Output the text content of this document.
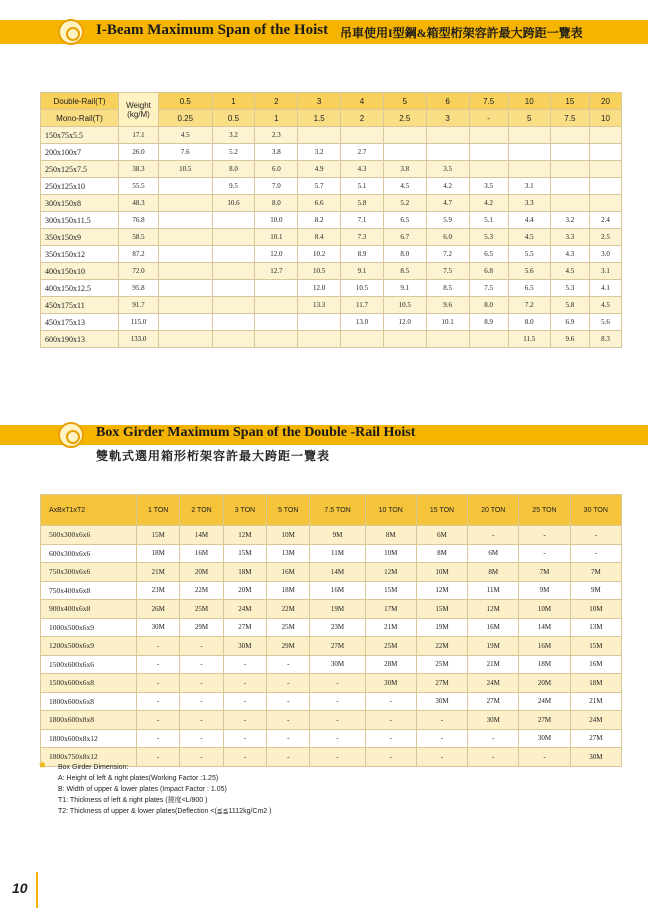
I-Beam Maximum Span of the Hoist 吊車使用I型鋼&箱型桁架容許最大跨距一覽表
Double-Rail(T)	Weight
(kg/M)	0.5	1	2	3	4	5	6	7.5	10	15	20
Mono-Rail(T)		0.25	0.5	1	1.5	2	2.5	3	-	5	7.5	10
150x75x5.5	17.1	4.5	3.2	2.3								
200x100x7	26.0	7.6	5.2	3.8	3.2	2.7						
250x125x7.5	38.3	10.5	8.0	6.0	4.9	4.3	3.8	3.5				
250x125x10	55.5		9.5	7.0	5.7	5.1	4.5	4.2	3.5	3.1		
300x150x8	48.3		10.6	8.0	6.6	5.8	5.2	4.7	4.2	3.3		
300x150x11.5	76.8			10.0	8.2	7.1	6.5	5.9	5.1	4.4	3.2	2.4
350x150x9	58.5			10.1	8.4	7.3	6.7	6.0	5.3	4.5	3.3	2.5
350x150x12	87.2			12.0	10.2	8.9	8.0	7.2	6.5	5.5	4.3	3.0
400x150x10	72.0			12.7	10.5	9.1	8.5	7.5	6.8	5.6	4.5	3.1
400x150x12.5	95.8				12.0	10.5	9.1	8.5	7.5	6.5	5.3	4.1
450x175x11	91.7				13.3	11.7	10.5	9.6	8.0	7.2	5.8	4.5
450x175x13	115.0					13.0	12.0	10.1	8.9	8.0	6.9	5.6
600x190x13	133.0									11.5	9.6	8.3
Box Girder Maximum Span of the Double -Rail Hoist
雙軌式選用箱形桁架容許最大跨距一覽表
AxBxT1xT2	1 TON	2 TON	3 TON	5 TON	7.5 TON	10 TON	15 TON	20 TON	25 TON	30 TON
500x300x6x6	15M	14M	12M	10M	9M	8M	6M	-	-	-
600x300x6x6	18M	16M	15M	13M	11M	10M	8M	6M	-	-
750x300x6x6	21M	20M	18M	16M	14M	12M	10M	8M	7M	7M
750x400x6x8	23M	22M	20M	18M	16M	15M	12M	11M	9M	9M
900x400x6x8	26M	25M	24M	22M	19M	17M	15M	12M	10M	10M
1000x500x6x9	30M	29M	27M	25M	23M	21M	19M	16M	14M	13M
1200x500x6x9	-	-	30M	29M	27M	25M	22M	19M	16M	15M
1500x600x6x6	-	-	-	-	30M	28M	25M	21M	18M	16M
1500x600x6x8	-	-	-	-	-	30M	27M	24M	20M	18M
1800x600x6x8	-	-	-	-	-	-	30M	27M	24M	21M
1800x600x8x8	-	-	-	-	-	-	-	30M	27M	24M
1800x600x8x12	-	-	-	-	-	-	-	-	30M	27M
1800x750x8x12	-	-	-	-	-	-	-	-	-	30M
★ Box Girder Dimension:
A: Height of left & right plates(Working Factor :1.25)
B: Width of upper & lower plates (Impact Factor : 1.05)
T1: Thickness of left & right plates (撓度<L/800 )
T2: Thickness of upper & lower plates(Deflection <(≦≦1112kg/Cm2 )
10
